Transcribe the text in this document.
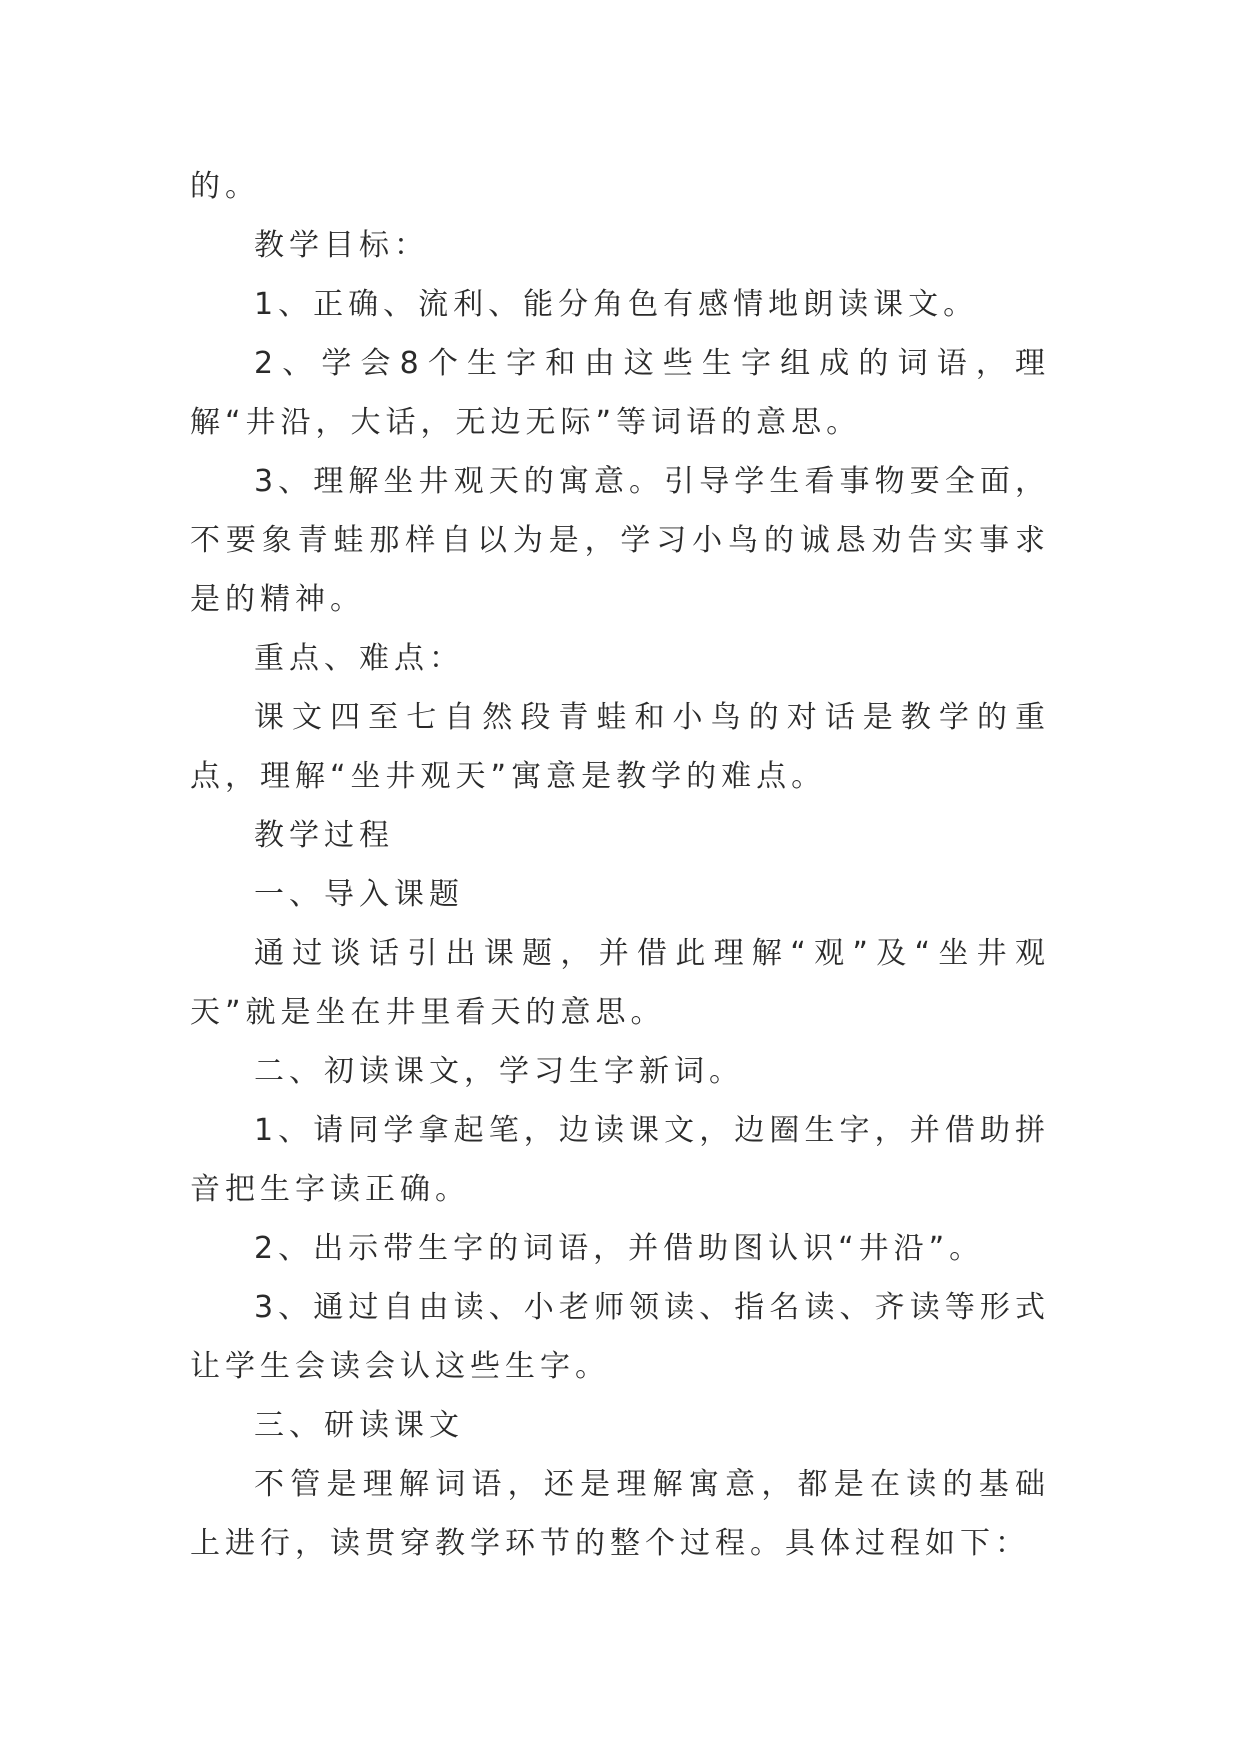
的。

教学目标：

1、正确、流利、能分角色有感情地朗读课文。

2、学会8个生字和由这些生字组成的词语，理解“井沿，大话，无边无际”等词语的意思。

3、理解坐井观天的寓意。引导学生看事物要全面，不要象青蛙那样自以为是，学习小鸟的诚恳劝告实事求是的精神。

重点、难点：

课文四至七自然段青蛙和小鸟的对话是教学的重点，理解“坐井观天”寓意是教学的难点。

教学过程

一、导入课题

通过谈话引出课题，并借此理解“观”及“坐井观天”就是坐在井里看天的意思。

二、初读课文，学习生字新词。

1、请同学拿起笔，边读课文，边圈生字，并借助拼音把生字读正确。

2、出示带生字的词语，并借助图认识“井沿”。

3、通过自由读、小老师领读、指名读、齐读等形式让学生会读会认这些生字。

三、研读课文

不管是理解词语，还是理解寓意，都是在读的基础上进行，读贯穿教学环节的整个过程。具体过程如下：
